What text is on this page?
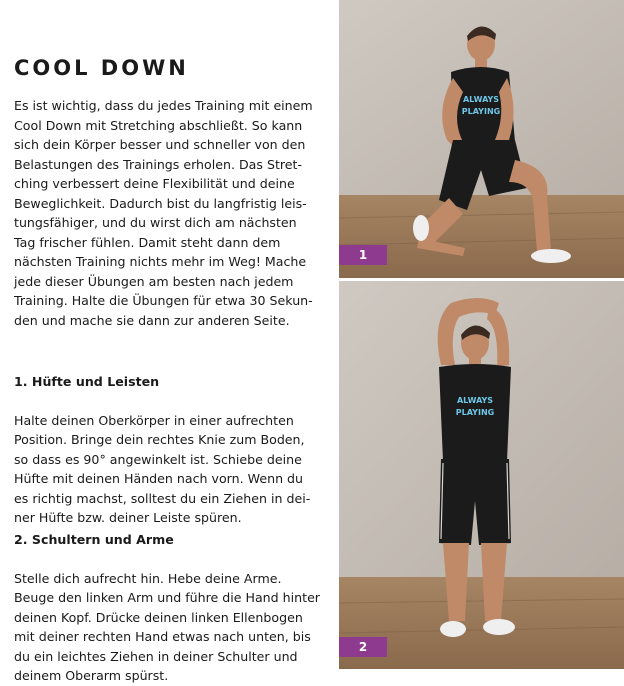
COOL DOWN

Es ist wichtig, dass du jedes Training mit einem
Cool Down mit Stretching abschließt. So kann
sich dein Körper besser und schneller von den
Belastungen des Trainings erholen. Das Stret-
ching verbessert deine Flexibilität und deine
Beweglichkeit. Dadurch bist du langfristig leis-
tungsfähiger, und du wirst dich am nächsten
Tag frischer fühlen. Damit steht dann dem
nächsten Training nichts mehr im Weg! Mache
jede dieser Übungen am besten nach jedem
Training. Halte die Übungen für etwa 30 Sekun-
den und mache sie dann zur anderen Seite.

1. Hüfte und Leisten

Halte deinen Oberkörper in einer aufrechten
Position. Bringe dein rechtes Knie zum Boden,
so dass es 90° angewinkelt ist. Schiebe deine
Hüfte mit deinen Händen nach vorn. Wenn du
es richtig machst, solltest du ein Ziehen in dei-
ner Hüfte bzw. deiner Leiste spüren.

2. Schultern und Arme

Stelle dich aufrecht hin. Hebe deine Arme.
Beuge den linken Arm und führe die Hand hinter
deinen Kopf. Drücke deinen linken Ellenbogen
mit deiner rechten Hand etwas nach unten, bis
du ein leichtes Ziehen in deiner Schulter und
deinem Oberarm spürst.

ALWAYS
PLAYING
1
ALWAYS
PLAYING
2
